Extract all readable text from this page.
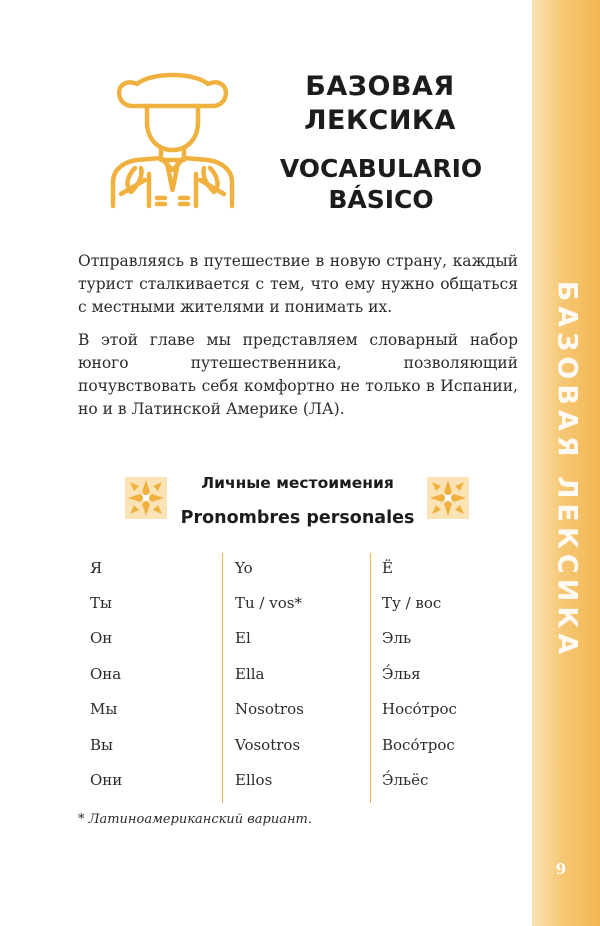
БАЗОВАЯ ЛЕКСИКА
9
БАЗОВАЯ
ЛЕКСИКА
VOCABULARIO
BÁSICO

Отправляясь в путешествие в новую страну, каждый турист сталкивается с тем, что ему нужно общаться с местными жителями и понимать их.

В этой главе мы представляем словарный набор юного путешественника, позволяющий почувствовать себя комфортно не только в Испании, но и в Латинской Америке (ЛА).

Личные местоимения
Pronombres personales
Я	Yo	Ё
Ты	Tu / vos*	Ту / вос
Он	El	Эль
Она	Ella	Э́лья
Мы	Nosotros	Носо́трос
Вы	Vosotros	Восо́трос
Они	Ellos	Э́льёс
* Латиноамериканский вариант.
